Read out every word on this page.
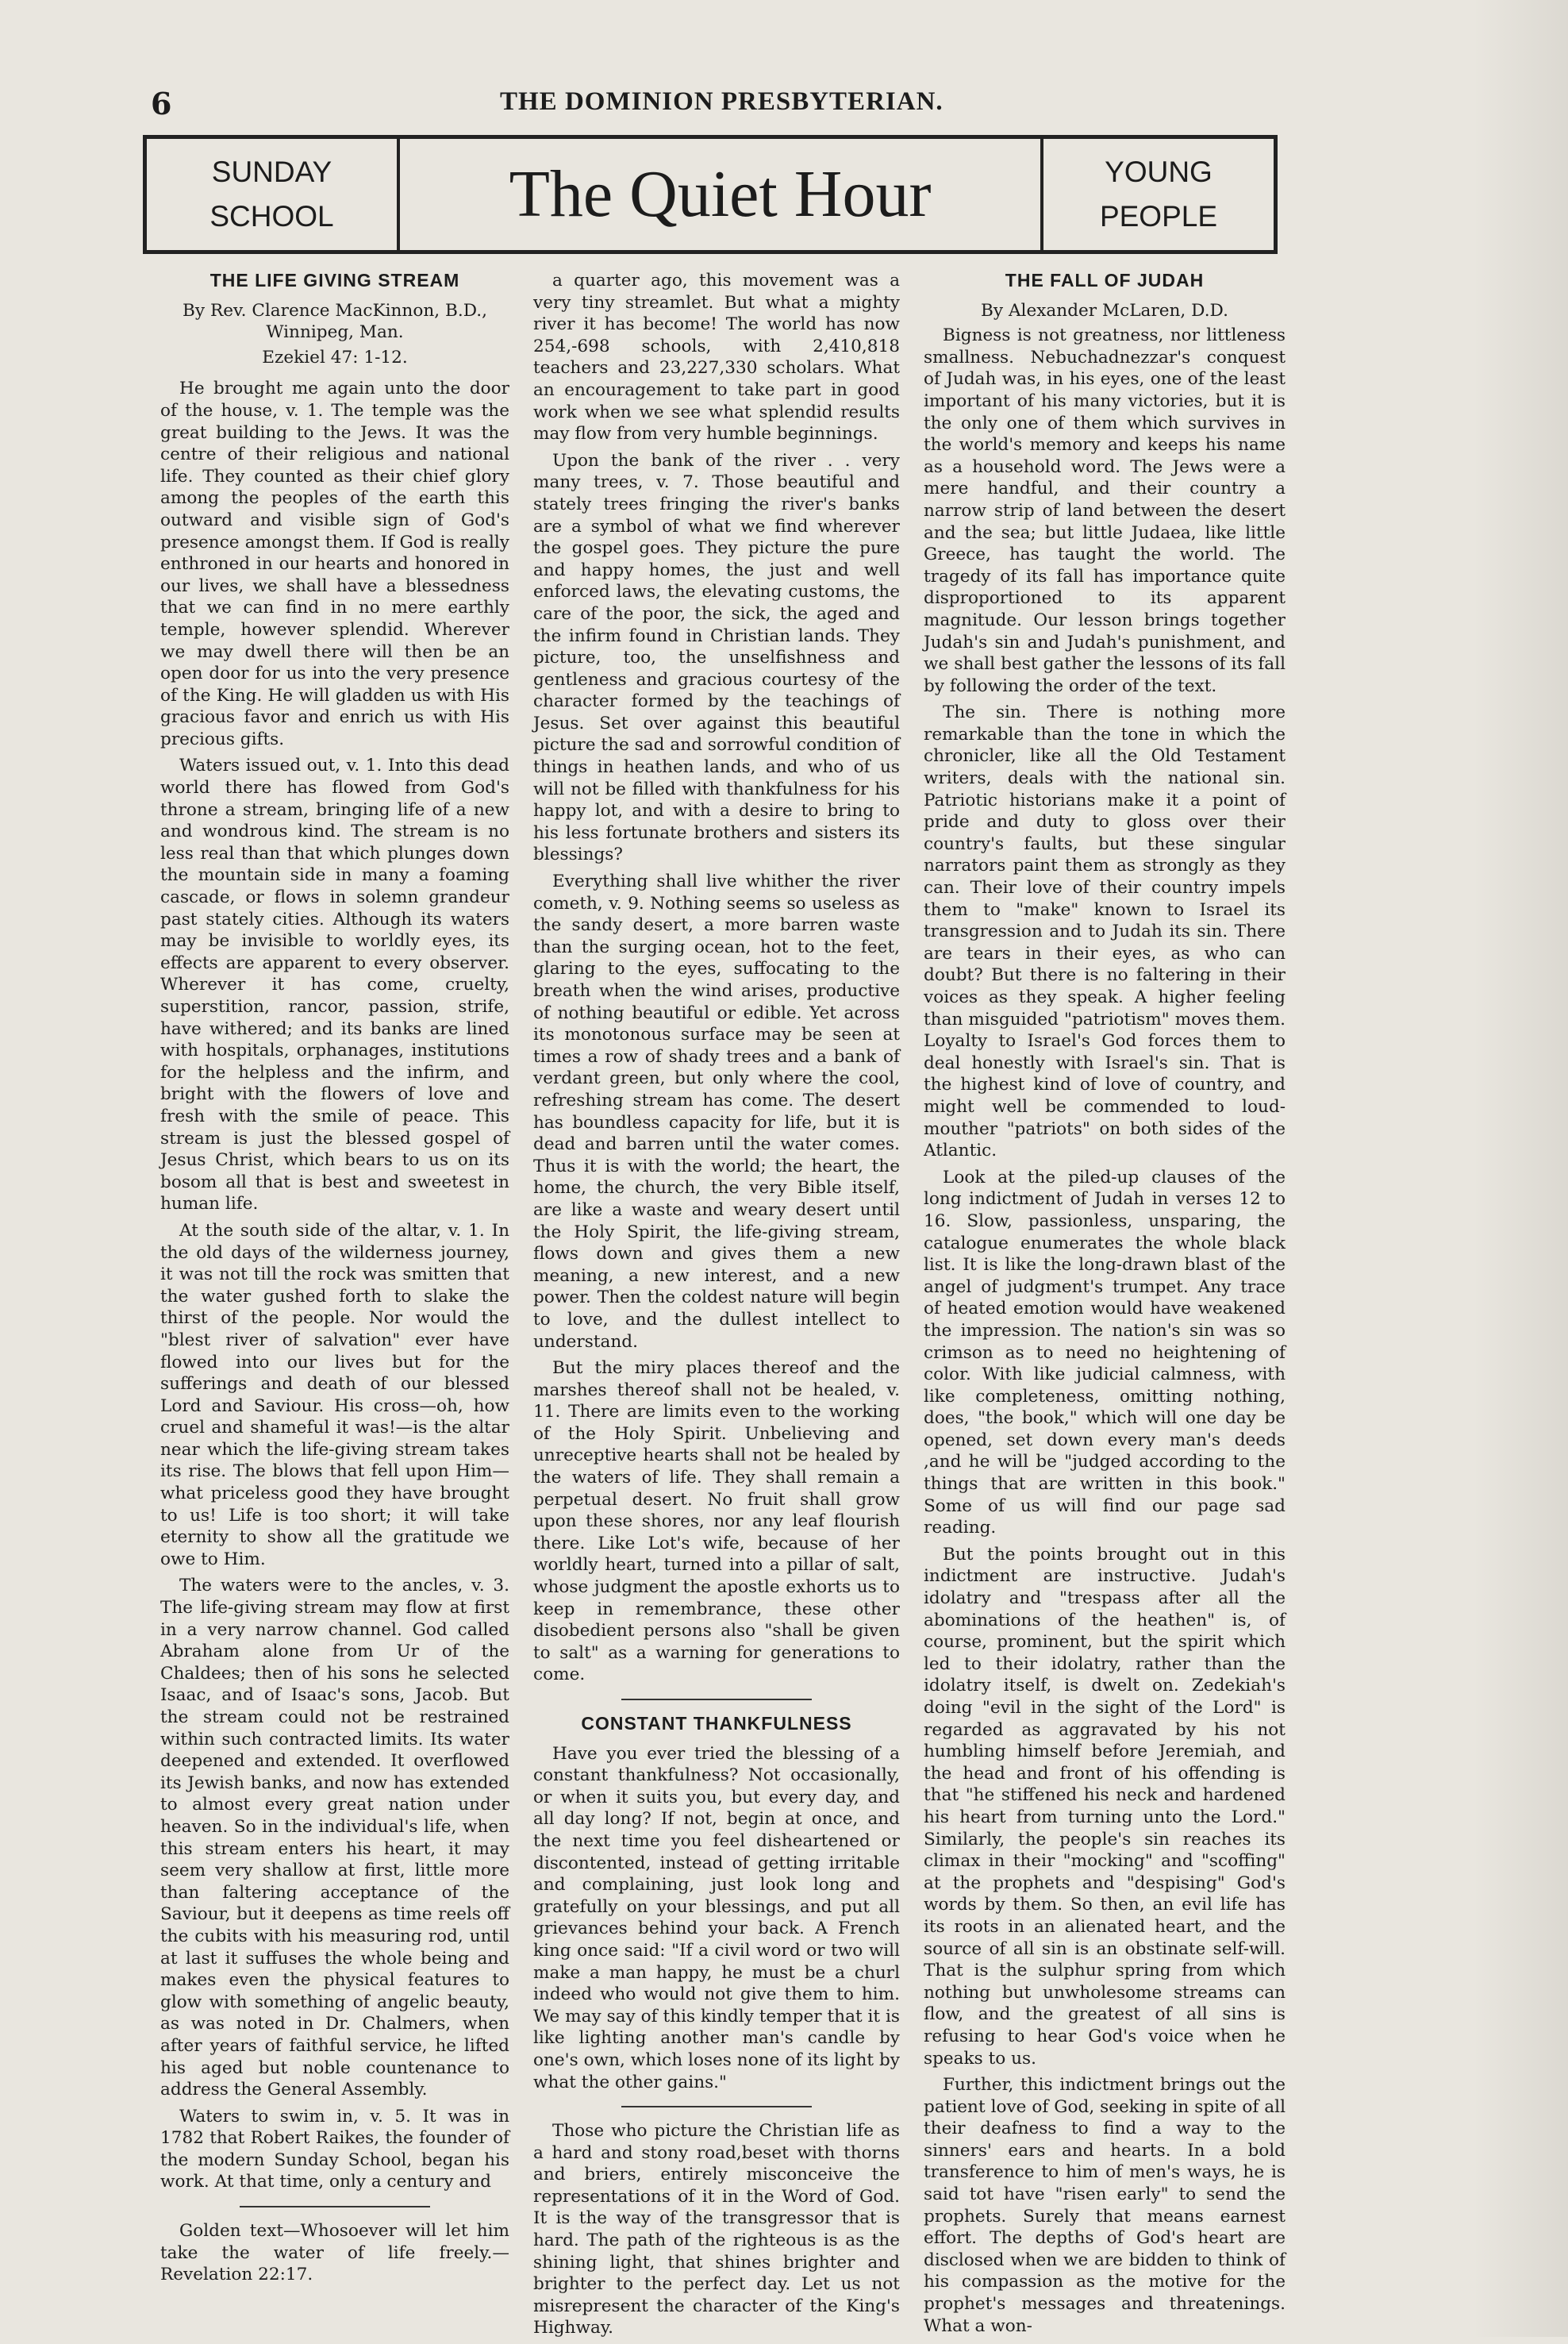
6	THE DOMINION PRESBYTERIAN.
SUNDAY
SCHOOL	The Quiet Hour	YOUNG
PEOPLE
THE LIFE GIVING STREAM
By Rev. Clarence MacKinnon, B.D., Winnipeg, Man.
Ezekiel 47: 1-12.

He brought me again unto the door of the house, v. 1. The temple was the great building to the Jews. It was the centre of their religious and national life. They counted as their chief glory among the peoples of the earth this outward and visible sign of God's presence amongst them. If God is really enthroned in our hearts and honored in our lives, we shall have a blessedness that we can find in no mere earthly temple, however splendid. Wherever we may dwell there will then be an open door for us into the very presence of the King. He will gladden us with His gracious favor and enrich us with His precious gifts.

Waters issued out, v. 1. Into this dead world there has flowed from God's throne a stream, bringing life of a new and wondrous kind. The stream is no less real than that which plunges down the mountain side in many a foaming cascade, or flows in solemn grandeur past stately cities. Although its waters may be invisible to worldly eyes, its effects are apparent to every observer. Wherever it has come, cruelty, superstition, rancor, passion, strife, have withered; and its banks are lined with hospitals, orphanages, institutions for the helpless and the infirm, and bright with the flowers of love and fresh with the smile of peace. This stream is just the blessed gospel of Jesus Christ, which bears to us on its bosom all that is best and sweetest in human life.

At the south side of the altar, v. 1. In the old days of the wilderness journey, it was not till the rock was smitten that the water gushed forth to slake the thirst of the people. Nor would the "blest river of salvation" ever have flowed into our lives but for the sufferings and death of our blessed Lord and Saviour. His cross—oh, how cruel and shameful it was!—is the altar near which the life-giving stream takes its rise. The blows that fell upon Him—what priceless good they have brought to us! Life is too short; it will take eternity to show all the gratitude we owe to Him.

The waters were to the ancles, v. 3. The life-giving stream may flow at first in a very narrow channel. God called Abraham alone from Ur of the Chaldees; then of his sons he selected Isaac, and of Isaac's sons, Jacob. But the stream could not be restrained within such contracted limits. Its water deepened and extended. It overflowed its Jewish banks, and now has extended to almost every great nation under heaven. So in the individual's life, when this stream enters his heart, it may seem very shallow at first, little more than faltering acceptance of the Saviour, but it deepens as time reels off the cubits with his measuring rod, until at last it suffuses the whole being and makes even the physical features to glow with something of angelic beauty, as was noted in Dr. Chalmers, when after years of faithful service, he lifted his aged but noble countenance to address the General Assembly.

Waters to swim in, v. 5. It was in 1782 that Robert Raikes, the founder of the modern Sunday School, began his work. At that time, only a century and

Golden text—Whosoever will let him take the water of life freely.—Revelation 22:17.

a quarter ago, this movement was a very tiny streamlet. But what a mighty river it has become! The world has now 254,-698 schools, with 2,410,818 teachers and 23,227,330 scholars. What an encouragement to take part in good work when we see what splendid results may flow from very humble beginnings.

Upon the bank of the river . . very many trees, v. 7. Those beautiful and stately trees fringing the river's banks are a symbol of what we find wherever the gospel goes. They picture the pure and happy homes, the just and well enforced laws, the elevating customs, the care of the poor, the sick, the aged and the infirm found in Christian lands. They picture, too, the unselfishness and gentleness and gracious courtesy of the character formed by the teachings of Jesus. Set over against this beautiful picture the sad and sorrowful condition of things in heathen lands, and who of us will not be filled with thankfulness for his happy lot, and with a desire to bring to his less fortunate brothers and sisters its blessings?

Everything shall live whither the river cometh, v. 9. Nothing seems so useless as the sandy desert, a more barren waste than the surging ocean, hot to the feet, glaring to the eyes, suffocating to the breath when the wind arises, productive of nothing beautiful or edible. Yet across its monotonous surface may be seen at times a row of shady trees and a bank of verdant green, but only where the cool, refreshing stream has come. The desert has boundless capacity for life, but it is dead and barren until the water comes. Thus it is with the world; the heart, the home, the church, the very Bible itself, are like a waste and weary desert until the Holy Spirit, the life-giving stream, flows down and gives them a new meaning, a new interest, and a new power. Then the coldest nature will begin to love, and the dullest intellect to understand.

But the miry places thereof and the marshes thereof shall not be healed, v. 11. There are limits even to the working of the Holy Spirit. Unbelieving and unreceptive hearts shall not be healed by the waters of life. They shall remain a perpetual desert. No fruit shall grow upon these shores, nor any leaf flourish there. Like Lot's wife, because of her worldly heart, turned into a pillar of salt, whose judgment the apostle exhorts us to keep in remembrance, these other disobedient persons also "shall be given to salt" as a warning for generations to come.

CONSTANT THANKFULNESS

Have you ever tried the blessing of a constant thankfulness? Not occasionally, or when it suits you, but every day, and all day long? If not, begin at once, and the next time you feel disheartened or discontented, instead of getting irritable and complaining, just look long and gratefully on your blessings, and put all grievances behind your back. A French king once said: "If a civil word or two will make a man happy, he must be a churl indeed who would not give them to him. We may say of this kindly temper that it is like lighting another man's candle by one's own, which loses none of its light by what the other gains."

Those who picture the Christian life as a hard and stony road,beset with thorns and briers, entirely misconceive the representations of it in the Word of God. It is the way of the transgressor that is hard. The path of the righteous is as the shining light, that shines brighter and brighter to the perfect day. Let us not misrepresent the character of the King's Highway.

THE FALL OF JUDAH
By Alexander McLaren, D.D.

Bigness is not greatness, nor littleness smallness. Nebuchadnezzar's conquest of Judah was, in his eyes, one of the least important of his many victories, but it is the only one of them which survives in the world's memory and keeps his name as a household word. The Jews were a mere handful, and their country a narrow strip of land between the desert and the sea; but little Judaea, like little Greece, has taught the world. The tragedy of its fall has importance quite disproportioned to its apparent magnitude. Our lesson brings together Judah's sin and Judah's punishment, and we shall best gather the lessons of its fall by following the order of the text.

The sin. There is nothing more remarkable than the tone in which the chronicler, like all the Old Testament writers, deals with the national sin. Patriotic historians make it a point of pride and duty to gloss over their country's faults, but these singular narrators paint them as strongly as they can. Their love of their country impels them to "make" known to Israel its transgression and to Judah its sin. There are tears in their eyes, as who can doubt? But there is no faltering in their voices as they speak. A higher feeling than misguided "patriotism" moves them. Loyalty to Israel's God forces them to deal honestly with Israel's sin. That is the highest kind of love of country, and might well be commended to loud-mouther "patriots" on both sides of the Atlantic.

Look at the piled-up clauses of the long indictment of Judah in verses 12 to 16. Slow, passionless, unsparing, the catalogue enumerates the whole black list. It is like the long-drawn blast of the angel of judgment's trumpet. Any trace of heated emotion would have weakened the impression. The nation's sin was so crimson as to need no heightening of color. With like judicial calmness, with like completeness, omitting nothing, does, "the book," which will one day be opened, set down every man's deeds ,and he will be "judged according to the things that are written in this book." Some of us will find our page sad reading.

But the points brought out in this indictment are instructive. Judah's idolatry and "trespass after all the abominations of the heathen" is, of course, prominent, but the spirit which led to their idolatry, rather than the idolatry itself, is dwelt on. Zedekiah's doing "evil in the sight of the Lord" is regarded as aggravated by his not humbling himself before Jeremiah, and the head and front of his offending is that "he stiffened his neck and hardened his heart from turning unto the Lord." Similarly, the people's sin reaches its climax in their "mocking" and "scoffing" at the prophets and "despising" God's words by them. So then, an evil life has its roots in an alienated heart, and the source of all sin is an obstinate self-will. That is the sulphur spring from which nothing but unwholesome streams can flow, and the greatest of all sins is refusing to hear God's voice when he speaks to us.

Further, this indictment brings out the patient love of God, seeking in spite of all their deafness to find a way to the sinners' ears and hearts. In a bold transference to him of men's ways, he is said tot have "risen early" to send the prophets. Surely that means earnest effort. The depths of God's heart are disclosed when we are bidden to think of his compassion as the motive for the prophet's messages and threatenings. What a won-
